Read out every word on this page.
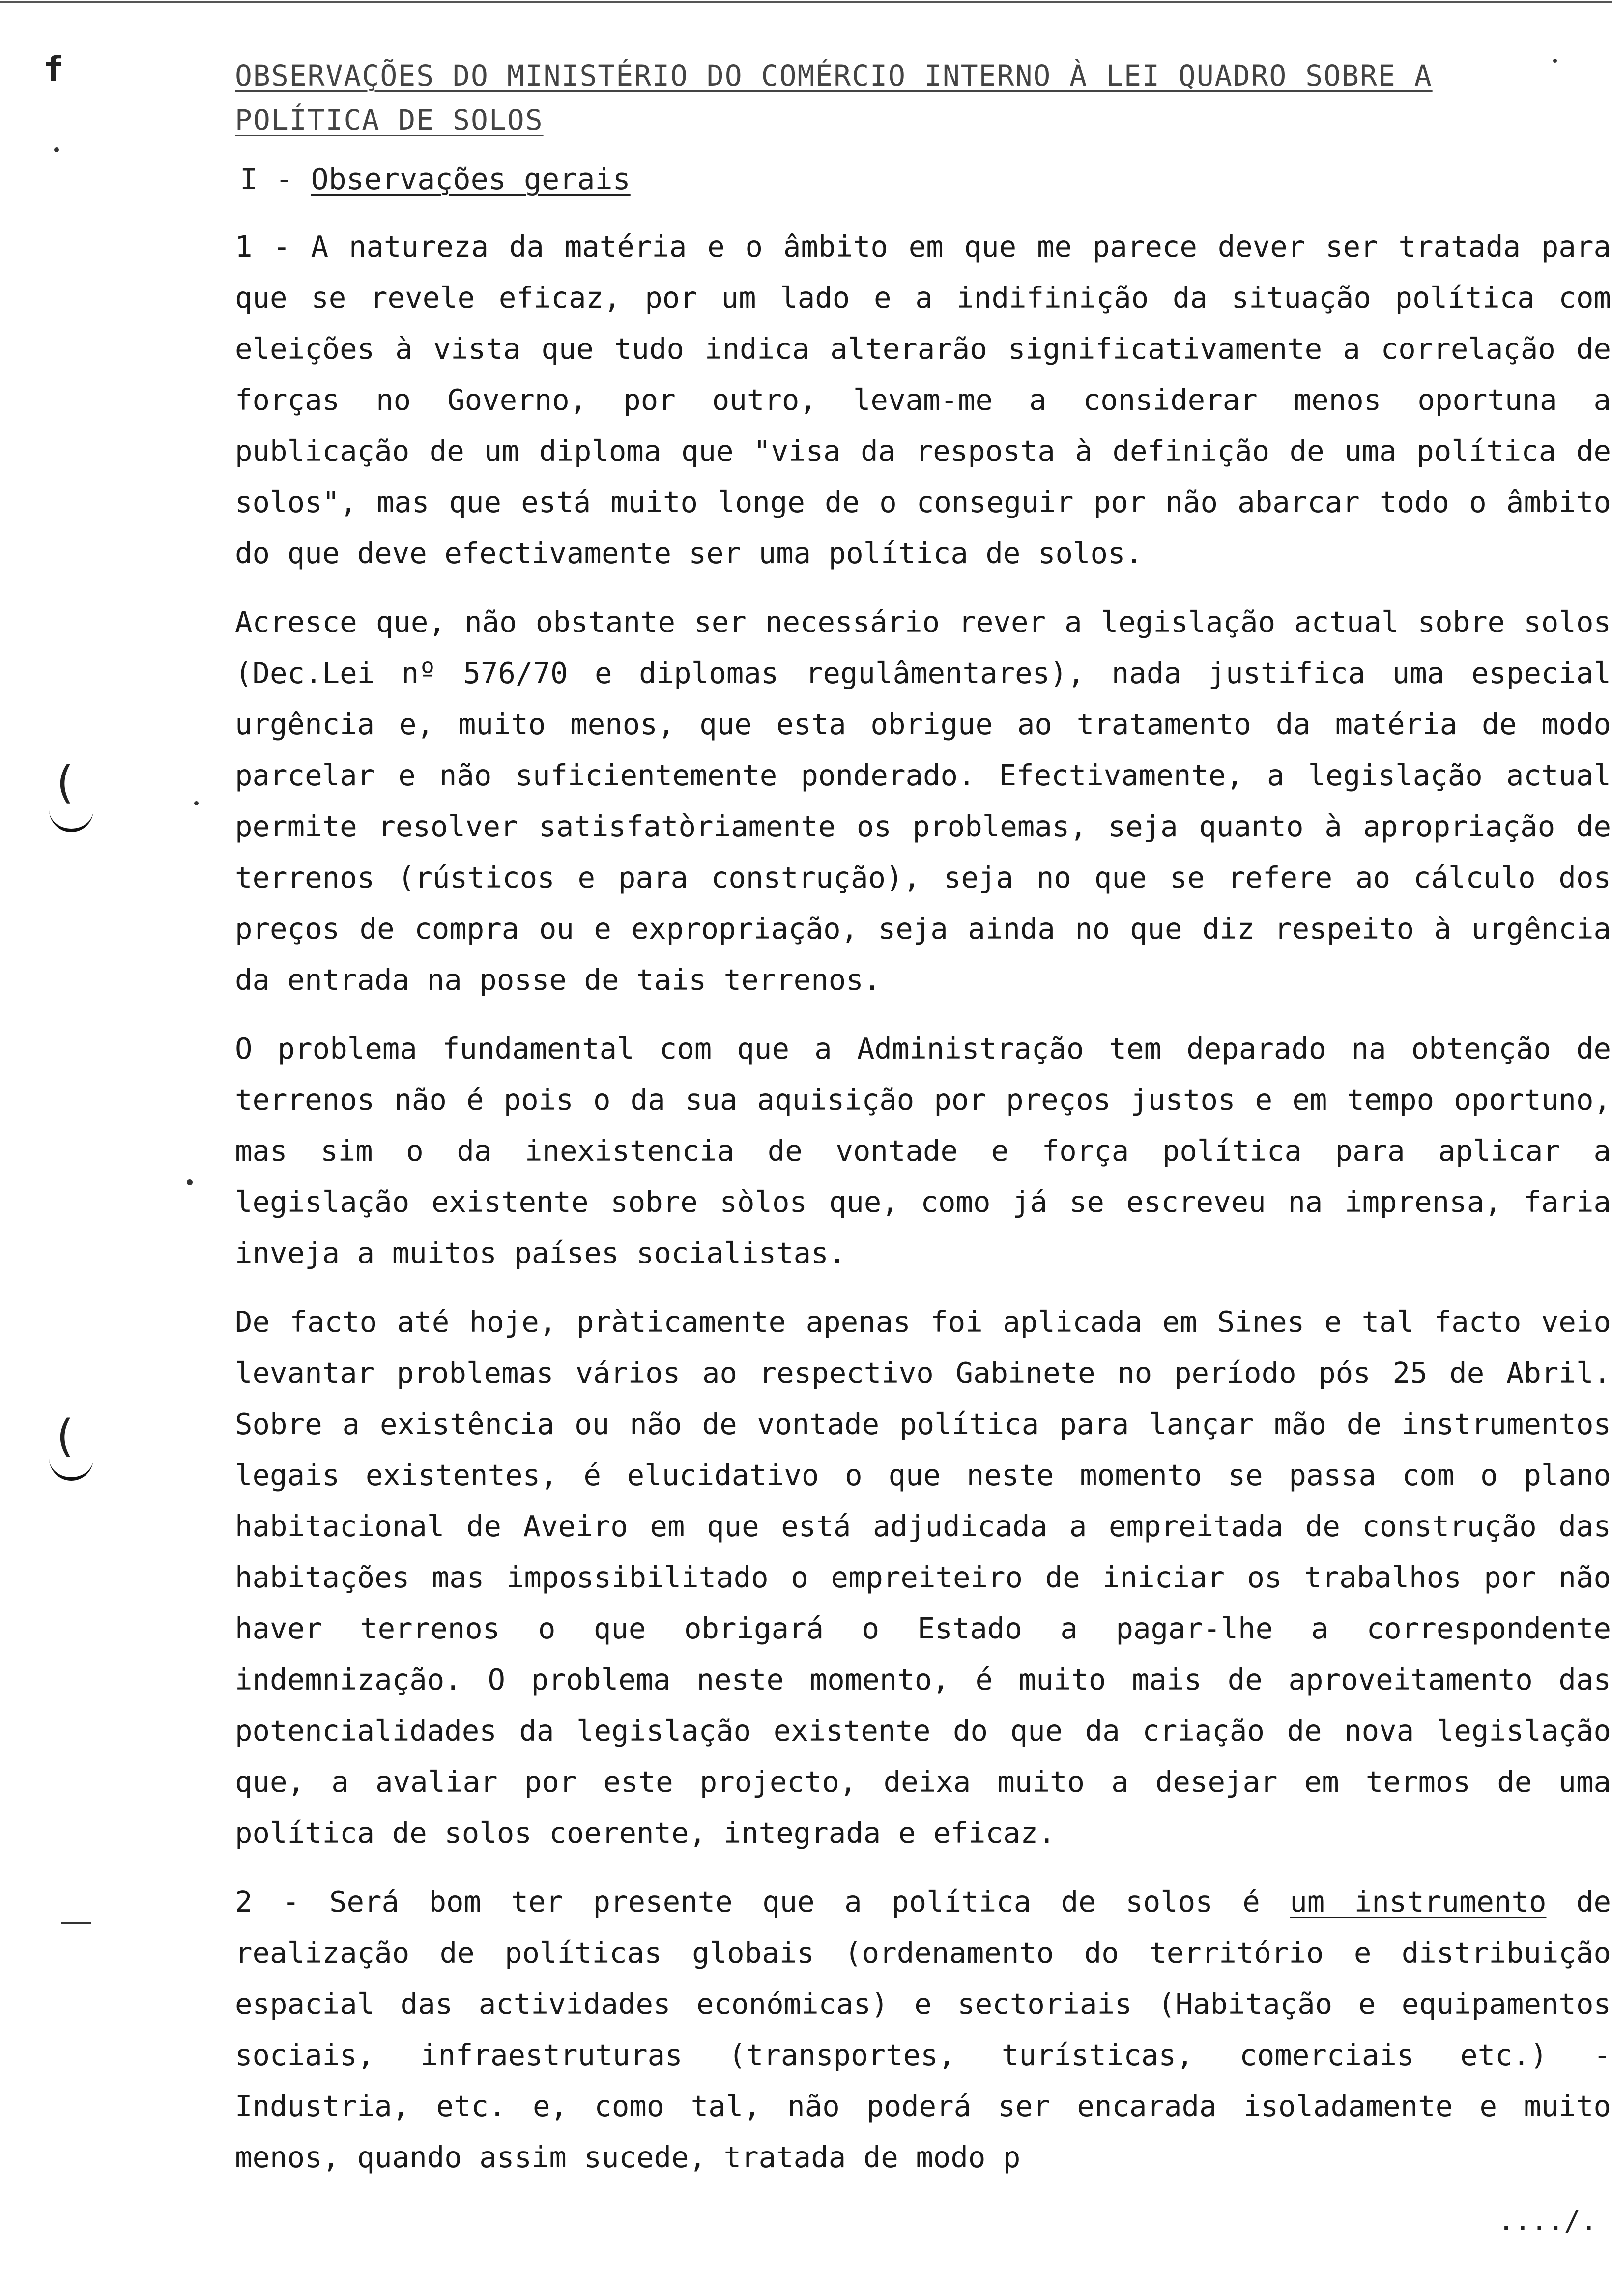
f
(
(
OBSERVAÇÕES DO MINISTÉRIO DO COMÉRCIO INTERNO À LEI QUADRO SOBRE A
POLÍTICA DE SOLOS
I - Observações gerais

1 - A natureza da matéria e o âmbito em que me parece dever ser tratada para que se revele eficaz, por um lado e a indifinição da situação política com eleições à vista que tudo indica alterarão significativamente a correlação de forças no Governo, por outro, levam-me a considerar menos oportuna a publicação de um diploma que "visa da resposta à definição de uma política de solos", mas que está muito longe de o conseguir por não abarcar todo o âmbito do que deve efectivamente ser uma política de solos.

Acresce que, não obstante ser necessário rever a legislação actual sobre solos (Dec.Lei nº 576/70 e diplomas regulâmentares), nada justifica uma especial urgência e, muito menos, que esta obrigue ao tratamento da matéria de modo parcelar e não suficientemente ponderado. Efectivamente, a legislação actual permite resolver satisfatòriamente os problemas, seja quanto à apropriação de terrenos (rústicos e para construção), seja no que se refere ao cálculo dos preços de compra ou e expropriação, seja ainda no que diz respeito à urgência da entrada na posse de tais terrenos.

O problema fundamental com que a Administração tem deparado na obtenção de terrenos não é pois o da sua aquisição por preços justos e em tempo oportuno, mas sim o da inexistencia de vontade e força política para aplicar a legislação existente sobre sòlos que, como já se escreveu na imprensa, faria inveja a muitos países socialistas.

De facto até hoje, pràticamente apenas foi aplicada em Sines e tal facto veio levantar problemas vários ao respectivo Gabinete no período pós 25 de Abril. Sobre a existência ou não de vontade política para lançar mão de instrumentos legais existentes, é elucidativo o que neste momento se passa com o plano habitacional de Aveiro em que está adjudicada a empreitada de construção das habitações mas impossibilitado o empreiteiro de iniciar os trabalhos por não haver terrenos o que obrigará o Estado a pagar-lhe a correspondente indemnização. O problema neste momento, é muito mais de aproveitamento das potencialidades da legislação existente do que da criação de nova legislação que, a avaliar por este projecto, deixa muito a desejar em termos de uma política de solos coerente, integrada e eficaz.

2 - Será bom ter presente que a política de solos é um instrumento de realização de políticas globais (ordenamento do território e distribuição espacial das actividades económicas) e sectoriais (Habitação e equipamentos sociais, infraestruturas (transportes, turísticas, comerciais etc.) - Industria, etc. e, como tal, não poderá ser encarada isoladamente e muito menos, quando assim sucede, tratada de modo p

..../.
